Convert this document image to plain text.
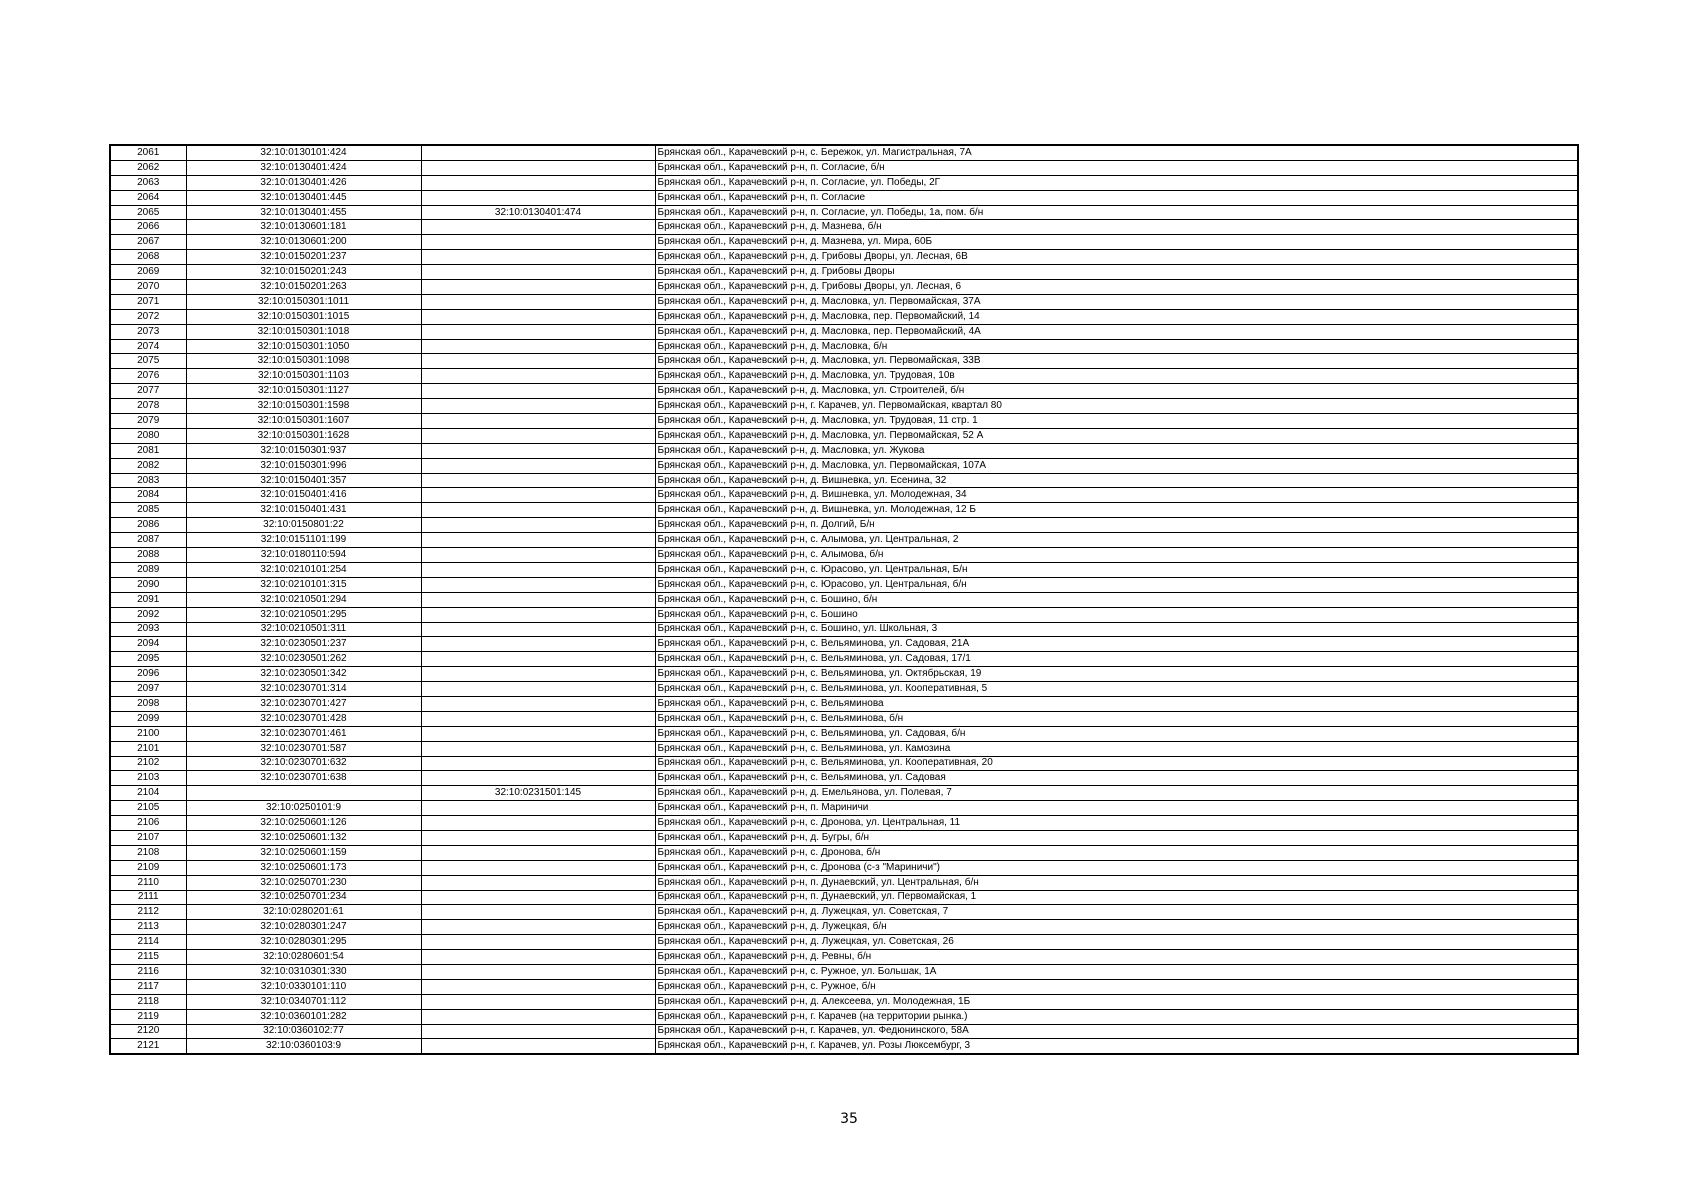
2061	32:10:0130101:424		Брянская обл., Карачевский р-н, с. Бережок, ул. Магистральная, 7А
2062	32:10:0130401:424		Брянская обл., Карачевский р-н, п. Согласие, б/н
2063	32:10:0130401:426		Брянская обл., Карачевский р-н, п. Согласие, ул. Победы, 2Г
2064	32:10:0130401:445		Брянская обл., Карачевский р-н, п. Согласие
2065	32:10:0130401:455	32:10:0130401:474	Брянская обл., Карачевский р-н, п. Согласие, ул. Победы, 1а, пом. б/н
2066	32:10:0130601:181		Брянская обл., Карачевский р-н, д. Мазнева, б/н
2067	32:10:0130601:200		Брянская обл., Карачевский р-н, д. Мазнева, ул. Мира, 60Б
2068	32:10:0150201:237		Брянская обл., Карачевский р-н, д. Грибовы Дворы, ул. Лесная, 6В
2069	32:10:0150201:243		Брянская обл., Карачевский р-н, д. Грибовы Дворы
2070	32:10:0150201:263		Брянская обл., Карачевский р-н, д. Грибовы Дворы, ул. Лесная, 6
2071	32:10:0150301:1011		Брянская обл., Карачевский р-н, д. Масловка, ул. Первомайская, 37А
2072	32:10:0150301:1015		Брянская обл., Карачевский р-н, д. Масловка, пер. Первомайский, 14
2073	32:10:0150301:1018		Брянская обл., Карачевский р-н, д. Масловка, пер. Первомайский, 4А
2074	32:10:0150301:1050		Брянская обл., Карачевский р-н, д. Масловка, б/н
2075	32:10:0150301:1098		Брянская обл., Карачевский р-н, д. Масловка, ул. Первомайская, 33В
2076	32:10:0150301:1103		Брянская обл., Карачевский р-н, д. Масловка, ул. Трудовая, 10в
2077	32:10:0150301:1127		Брянская обл., Карачевский р-н, д. Масловка, ул. Строителей, б/н
2078	32:10:0150301:1598		Брянская обл., Карачевский р-н, г. Карачев, ул. Первомайская, квартал 80
2079	32:10:0150301:1607		Брянская обл., Карачевский р-н, д. Масловка, ул. Трудовая, 11 стр. 1
2080	32:10:0150301:1628		Брянская обл., Карачевский р-н, д. Масловка, ул. Первомайская, 52 А
2081	32:10:0150301:937		Брянская обл., Карачевский р-н, д. Масловка, ул. Жукова
2082	32:10:0150301:996		Брянская обл., Карачевский р-н, д. Масловка, ул. Первомайская, 107А
2083	32:10:0150401:357		Брянская обл., Карачевский р-н, д. Вишневка, ул. Есенина, 32
2084	32:10:0150401:416		Брянская обл., Карачевский р-н, д. Вишневка, ул. Молодежная, 34
2085	32:10:0150401:431		Брянская обл., Карачевский р-н, д. Вишневка, ул. Молодежная, 12 Б
2086	32:10:0150801:22		Брянская обл., Карачевский р-н, п. Долгий, Б/н
2087	32:10:0151101:199		Брянская обл., Карачевский р-н, с. Алымова, ул. Центральная, 2
2088	32:10:0180110:594		Брянская обл., Карачевский р-н, с. Алымова, б/н
2089	32:10:0210101:254		Брянская обл., Карачевский р-н, с. Юрасово, ул. Центральная, Б/н
2090	32:10:0210101:315		Брянская обл., Карачевский р-н, с. Юрасово, ул. Центральная, б/н
2091	32:10:0210501:294		Брянская обл., Карачевский р-н, с. Бошино, б/н
2092	32:10:0210501:295		Брянская обл., Карачевский р-н, с. Бошино
2093	32:10:0210501:311		Брянская обл., Карачевский р-н, с. Бошино, ул. Школьная, 3
2094	32:10:0230501:237		Брянская обл., Карачевский р-н, с. Вельяминова, ул. Садовая, 21А
2095	32:10:0230501:262		Брянская обл., Карачевский р-н, с. Вельяминова, ул. Садовая, 17/1
2096	32:10:0230501:342		Брянская обл., Карачевский р-н, с. Вельяминова, ул. Октябрьская, 19
2097	32:10:0230701:314		Брянская обл., Карачевский р-н, с. Вельяминова, ул. Кооперативная, 5
2098	32:10:0230701:427		Брянская обл., Карачевский р-н, с. Вельяминова
2099	32:10:0230701:428		Брянская обл., Карачевский р-н, с. Вельяминова, б/н
2100	32:10:0230701:461		Брянская обл., Карачевский р-н, с. Вельяминова, ул. Садовая, б/н
2101	32:10:0230701:587		Брянская обл., Карачевский р-н, с. Вельяминова, ул. Камозина
2102	32:10:0230701:632		Брянская обл., Карачевский р-н, с. Вельяминова, ул. Кооперативная, 20
2103	32:10:0230701:638		Брянская обл., Карачевский р-н, с. Вельяминова, ул. Садовая
2104		32:10:0231501:145	Брянская обл., Карачевский р-н, д. Емельянова, ул. Полевая, 7
2105	32:10:0250101:9		Брянская обл., Карачевский р-н, п. Мариничи
2106	32:10:0250601:126		Брянская обл., Карачевский р-н, с. Дронова, ул. Центральная, 11
2107	32:10:0250601:132		Брянская обл., Карачевский р-н, д. Бугры, б/н
2108	32:10:0250601:159		Брянская обл., Карачевский р-н, с. Дронова, б/н
2109	32:10:0250601:173		Брянская обл., Карачевский р-н, с. Дронова (с-з "Мариничи")
2110	32:10:0250701:230		Брянская обл., Карачевский р-н, п. Дунаевский, ул. Центральная, б/н
2111	32:10:0250701:234		Брянская обл., Карачевский р-н, п. Дунаевский, ул. Первомайская, 1
2112	32:10:0280201:61		Брянская обл., Карачевский р-н, д. Лужецкая, ул. Советская, 7
2113	32:10:0280301:247		Брянская обл., Карачевский р-н, д. Лужецкая, б/н
2114	32:10:0280301:295		Брянская обл., Карачевский р-н, д. Лужецкая, ул. Советская, 26
2115	32:10:0280601:54		Брянская обл., Карачевский р-н, д. Ревны, б/н
2116	32:10:0310301:330		Брянская обл., Карачевский р-н, с. Ружное, ул. Большак, 1А
2117	32:10:0330101:110		Брянская обл., Карачевский р-н, с. Ружное, б/н
2118	32:10:0340701:112		Брянская обл., Карачевский р-н, д. Алексеева, ул. Молодежная, 1Б
2119	32:10:0360101:282		Брянская обл., Карачевский р-н, г. Карачев (на территории рынка.)
2120	32:10:0360102:77		Брянская обл., Карачевский р-н, г. Карачев, ул. Федюнинского, 58А
2121	32:10:0360103:9		Брянская обл., Карачевский р-н, г. Карачев, ул. Розы Люксембург, 3
35
